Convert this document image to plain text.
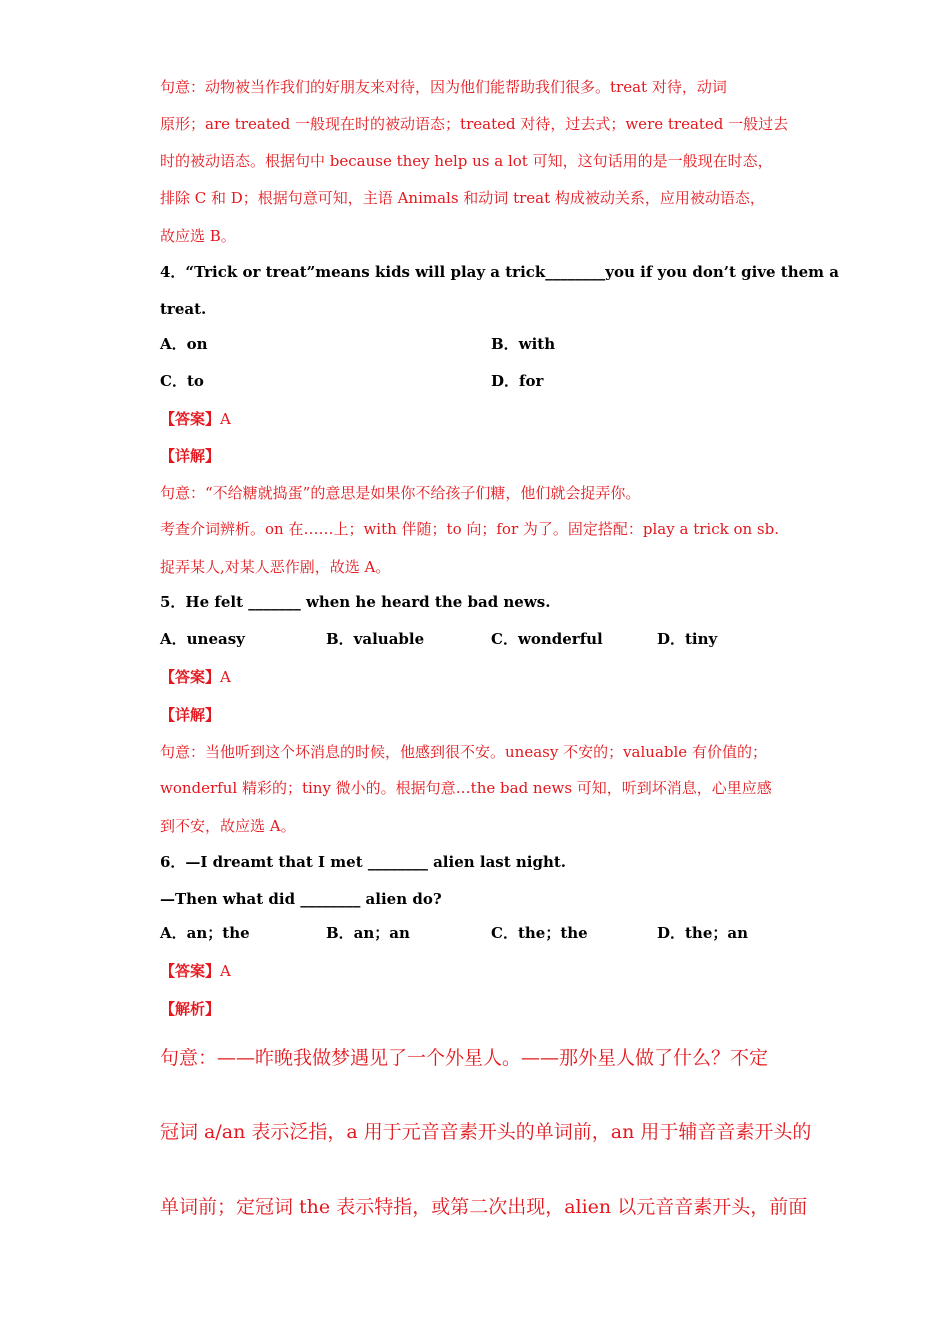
句意：动物被当作我们的好朋友来对待，因为他们能帮助我们很多。treat 对待，动词
原形；are treated 一般现在时的被动语态；treated 对待，过去式；were treated 一般过去
时的被动语态。根据句中 because they help us a lot 可知，这句话用的是一般现在时态，
排除 C 和 D；根据句意可知，主语 Animals 和动词 treat 构成被动关系，应用被动语态，
故应选 B。
4．“Trick or treat”means kids will play a trick________you if you don’t give them a
treat.
A．on	B．with
C．to	D．for
【答案】A
【详解】
句意：“不给糖就捣蛋”的意思是如果你不给孩子们糖，他们就会捉弄你。
考查介词辨析。on 在……上；with 伴随；to 向；for 为了。固定搭配：play a trick on sb.
捉弄某人,对某人恶作剧，故选 A。
5．He felt _______ when he heard the bad news.
A．uneasy	B．valuable	C．wonderful	D．tiny
【答案】A
【详解】
句意：当他听到这个坏消息的时候，他感到很不安。uneasy 不安的；valuable 有价值的；
wonderful 精彩的；tiny 微小的。根据句意…the bad news 可知，听到坏消息，心里应感
到不安，故应选 A。
6．—I dreamt that I met ________ alien last night.
—Then what did ________ alien do?
A．an；the	B．an；an	C．the；the	D．the；an
【答案】A
【解析】
句意：——昨晚我做梦遇见了一个外星人。——那外星人做了什么？不定
冠词 a/an 表示泛指，a 用于元音音素开头的单词前，an 用于辅音音素开头的
单词前；定冠词 the 表示特指，或第二次出现，alien 以元音音素开头，前面
